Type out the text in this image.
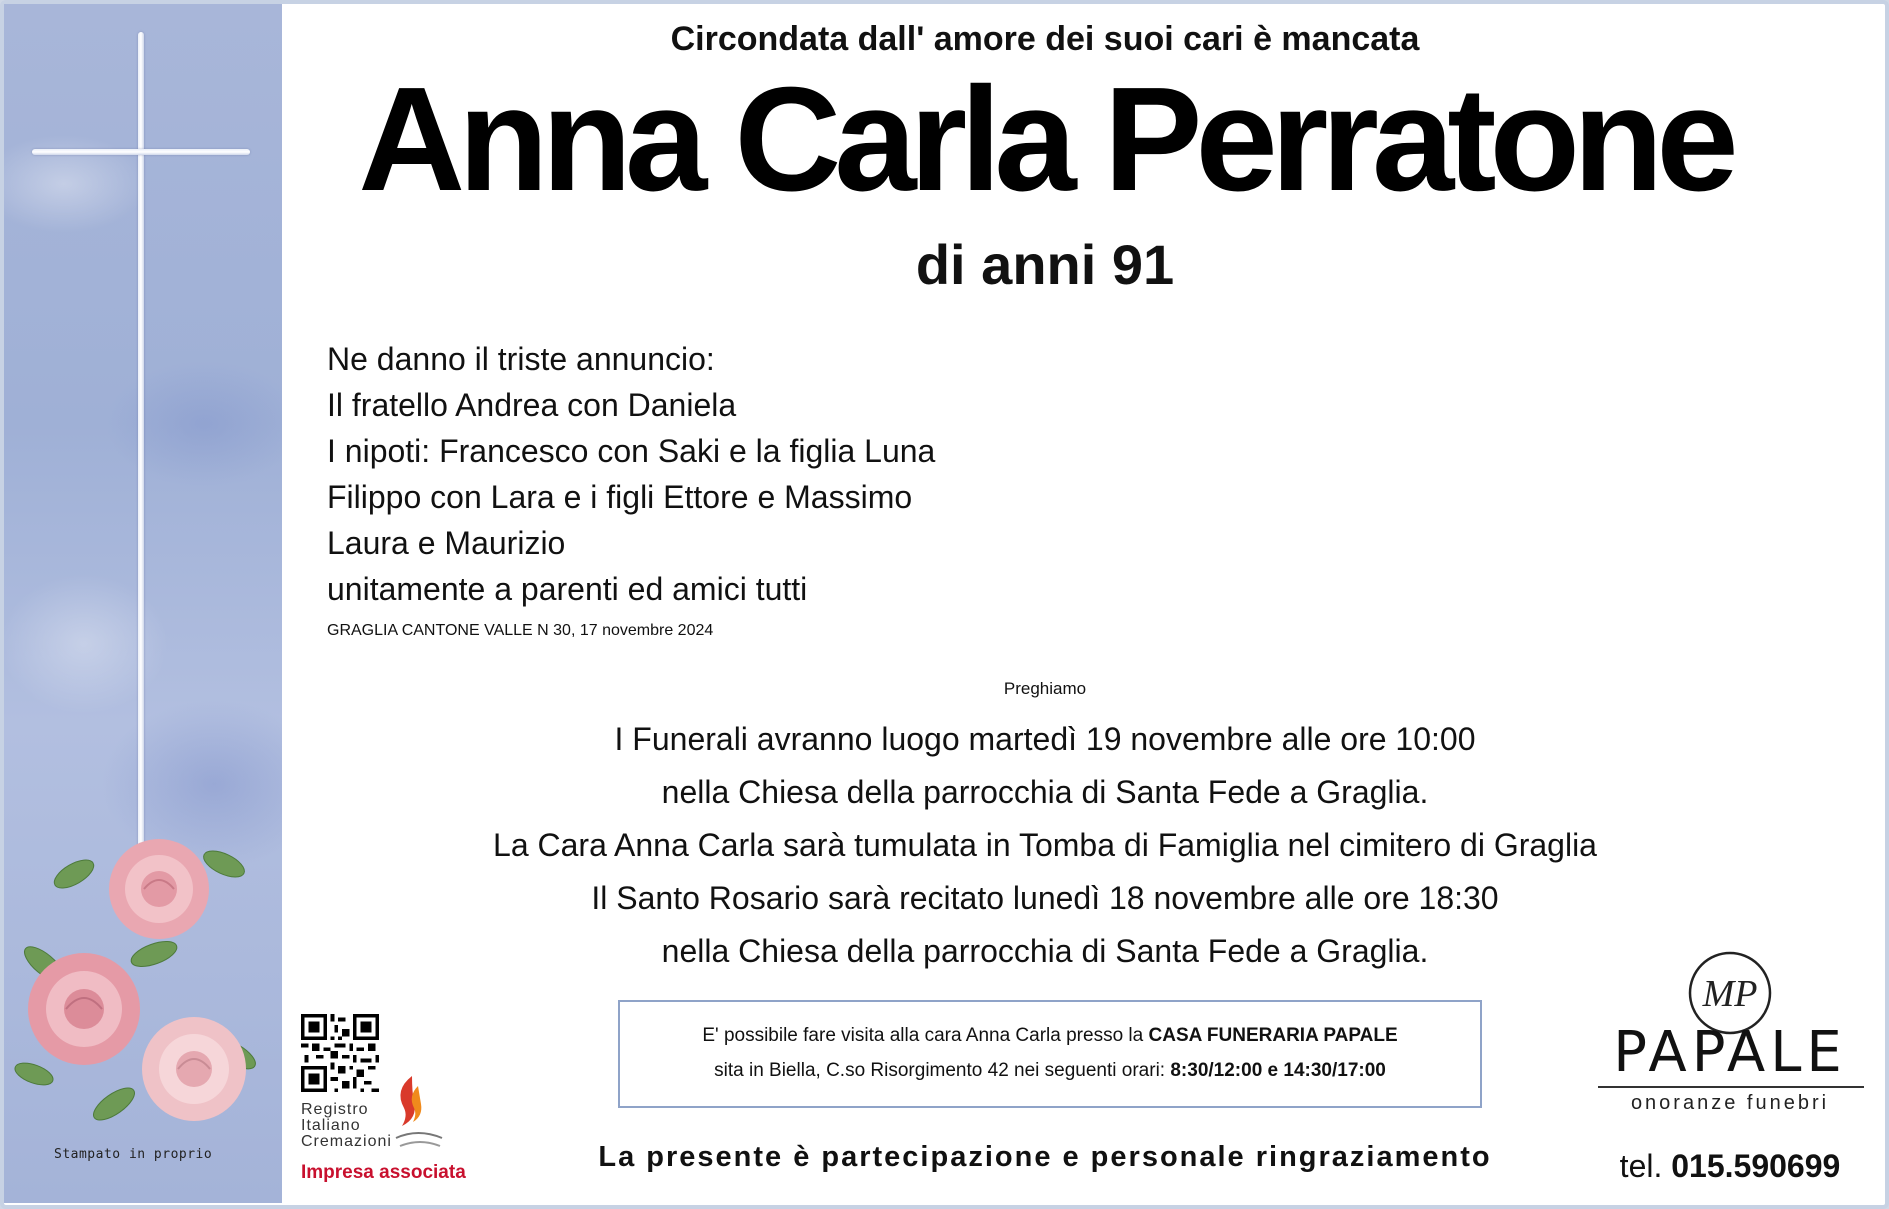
Stampato in proprio
Circondata dall' amore dei suoi cari è mancata
Anna Carla Perratone
di anni 91
Ne danno il triste annuncio:
Il fratello Andrea con Daniela
I nipoti: Francesco con Saki e la figlia Luna
Filippo con Lara e i figli Ettore e Massimo
Laura e Maurizio
unitamente a parenti ed amici tutti
GRAGLIA CANTONE VALLE N 30, 17 novembre 2024
Preghiamo
I Funerali avranno luogo martedì 19 novembre alle ore 10:00
nella Chiesa della parrocchia di Santa Fede a Graglia.
La Cara Anna Carla sarà tumulata in Tomba di Famiglia nel cimitero di Graglia
Il Santo Rosario sarà recitato lunedì 18 novembre alle ore 18:30
nella Chiesa della parrocchia di Santa Fede a Graglia.
E' possibile fare visita alla cara Anna Carla presso la CASA FUNERARIA PAPALE
sita in Biella, C.so Risorgimento 42 nei seguenti orari: 8:30/12:00 e 14:30/17:00
La presente è partecipazione e personale ringraziamento
Registro
Italiano
Cremazioni
Impresa associata
MP
PAPALE
onoranze funebri
tel. 015.590699
